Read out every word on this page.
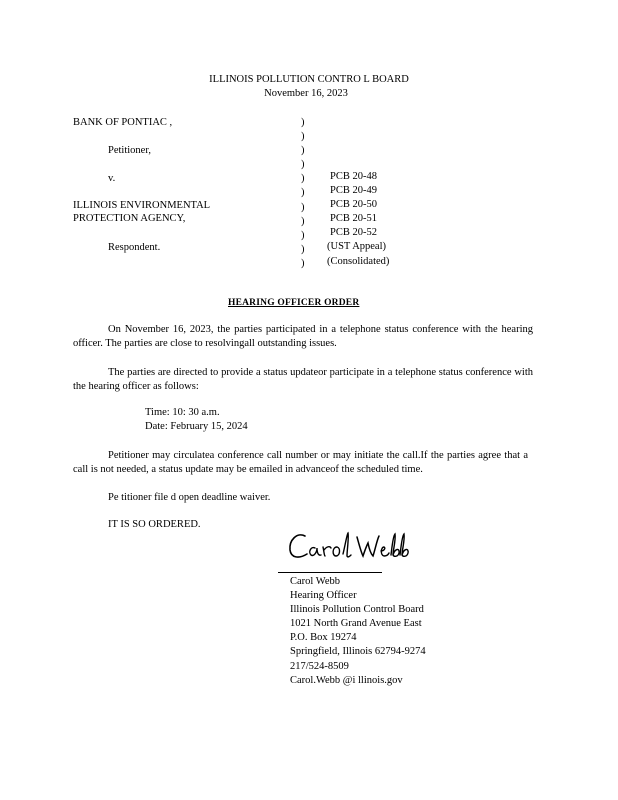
ILLINOIS POLLUTION CONTRO L BOARD
November 16, 2023
BANK OF PONTIAC ,
Petitioner,
v.
ILLINOIS ENVIRONMENTAL
PROTECTION AGENCY,
Respondent.
)
)
)
)
)
)
)
)
)
)
)
PCB 20-48
PCB 20-49
PCB 20-50
PCB 20-51
PCB 20-52
(UST Appeal)
(Consolidated)
HEARING OFFICER ORDER
On November 16, 2023, the parties participated in a telephone status conference with the hearing officer. The parties are close to resolvingall outstanding issues.
The parties are directed to provide a status updateor participate in a telephone status conference with the hearing officer as follows:
Time: 10: 30 a.m.
Date: February 15, 2024
Petitioner may circulatea conference call number or may initiate the call.If the parties agree that a call is not needed, a status update may be emailed in advanceof the scheduled time.
Pe titioner file d open deadline waiver.
IT IS SO ORDERED.
Carol Webb
Hearing Officer
Illinois Pollution Control Board
1021 North Grand Avenue East
P.O. Box 19274
Springfield, Illinois 62794-9274
217/524-8509
Carol.Webb @i llinois.gov
